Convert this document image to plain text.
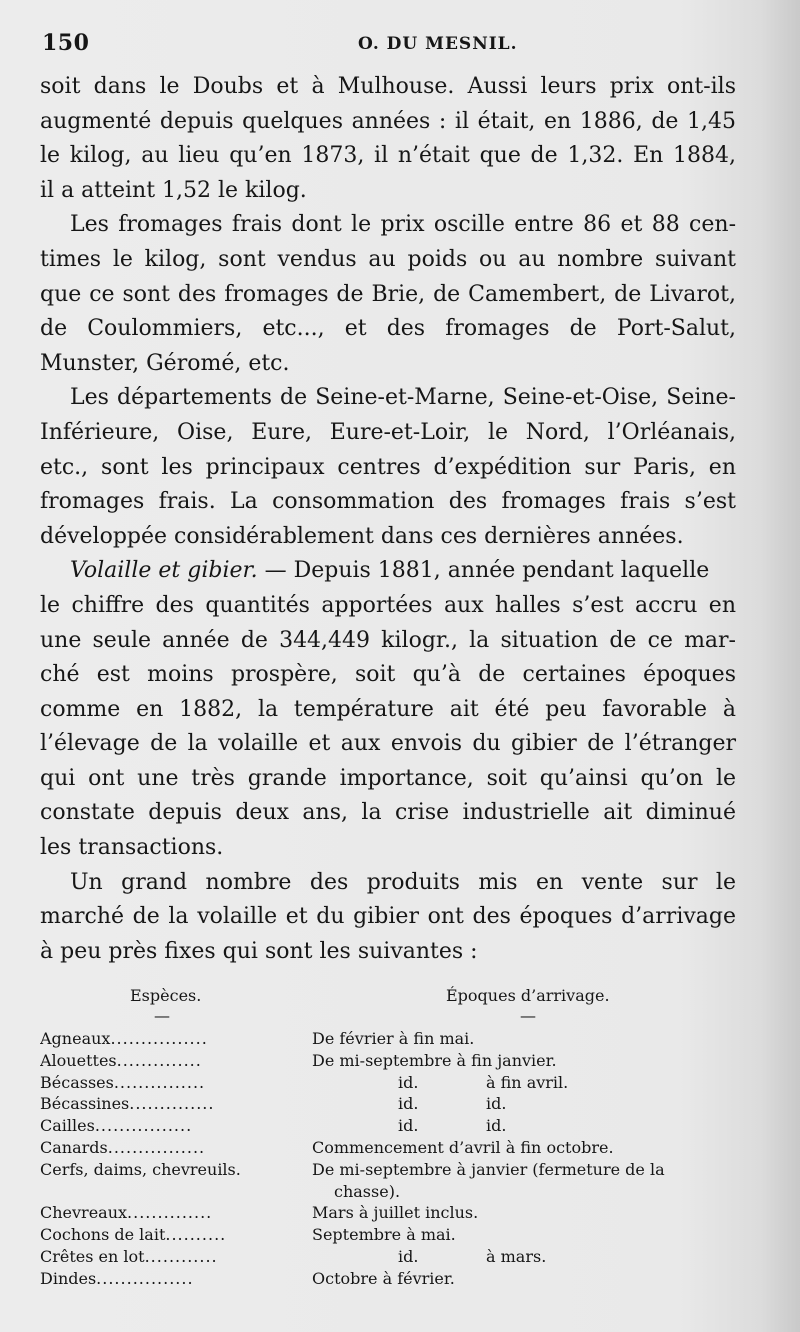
150	O. DU MESNIL.
soit dans le Doubs et à Mulhouse. Aussi leurs prix ont-ils
augmenté depuis quelques années : il était, en 1886, de 1,45
le kilog, au lieu qu’en 1873, il n’était que de 1,32. En 1884,
il a atteint 1,52 le kilog.
Les fromages frais dont le prix oscille entre 86 et 88 cen-
times le kilog, sont vendus au poids ou au nombre suivant
que ce sont des fromages de Brie, de Camembert, de Livarot,
de Coulommiers, etc..., et des fromages de Port-Salut,
Munster, Géromé, etc.
Les départements de Seine-et-Marne, Seine-et-Oise, Seine-
Inférieure, Oise, Eure, Eure-et-Loir, le Nord, l’Orléanais,
etc., sont les principaux centres d’expédition sur Paris, en
fromages frais. La consommation des fromages frais s’est
développée considérablement dans ces dernières années.
Volaille et gibier. — Depuis 1881, année pendant laquelle
le chiffre des quantités apportées aux halles s’est accru en
une seule année de 344,449 kilogr., la situation de ce mar-
ché est moins prospère, soit qu’à de certaines époques
comme en 1882, la température ait été peu favorable à
l’élevage de la volaille et aux envois du gibier de l’étranger
qui ont une très grande importance, soit qu’ainsi qu’on le
constate depuis deux ans, la crise industrielle ait diminué
les transactions.
Un grand nombre des produits mis en vente sur le
marché de la volaille et du gibier ont des époques d’arrivage
à peu près fixes qui sont les suivantes :
Espèces.	Époques d’arrivage.
—	—
Agneaux................	De février à fin mai.
Alouettes..............	De mi-septembre à fin janvier.
Bécasses...............	id.	à fin avril.
Bécassines..............	id.	id.
Cailles................	id.	id.
Canards................	Commencement d’avril à fin octobre.
Cerfs, daims, chevreuils.	De mi-septembre à janvier (fermeture de la
chasse).
Chevreaux..............	Mars à juillet inclus.
Cochons de lait..........	Septembre à mai.
Crêtes en lot............	id.	à mars.
Dindes................	Octobre à février.
